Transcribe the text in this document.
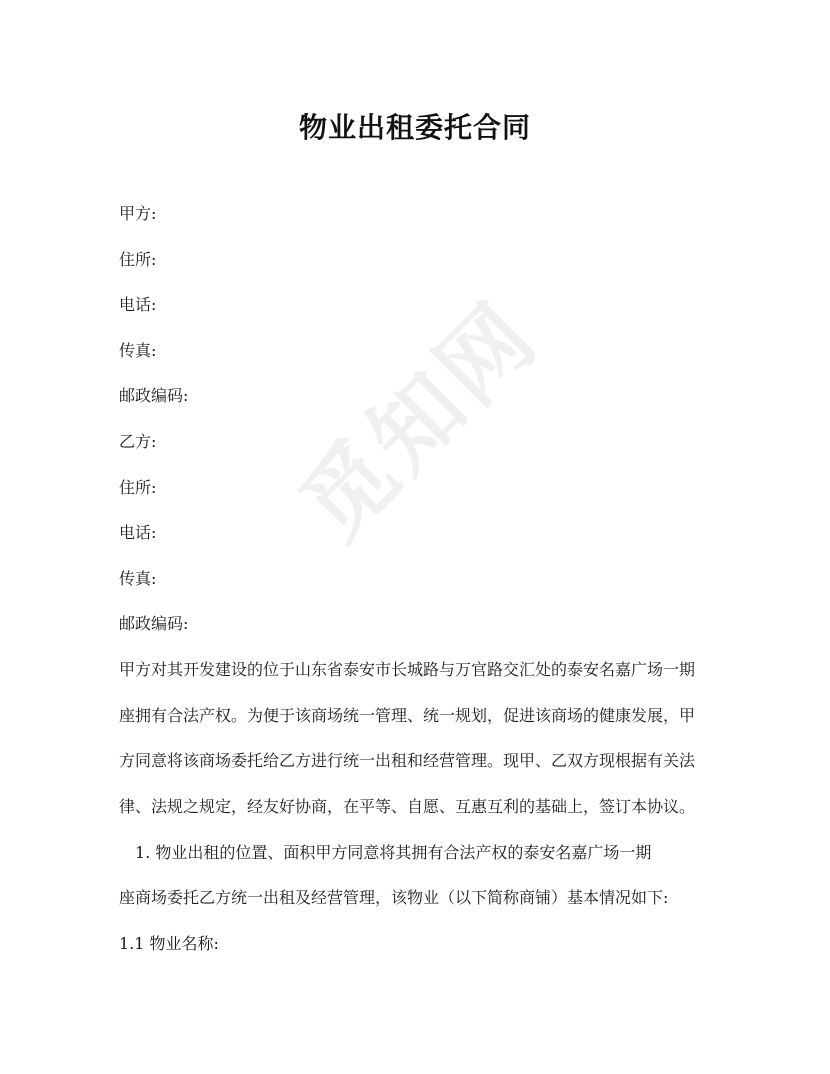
觅知网
物业出租委托合同
甲方:
住所:
电话:
传真:
邮政编码:
乙方:
住所:
电话:
传真:
邮政编码:
甲方对其开发建设的位于山东省泰安市长城路与万官路交汇处的泰安名嘉广场一期
座拥有合法产权。为便于该商场统一管理、统一规划，促进该商场的健康发展，甲
方同意将该商场委托给乙方进行统一出租和经营管理。现甲、乙双方现根据有关法
律、法规之规定，经友好协商，在平等、自愿、互惠互利的基础上，签订本协议。
1. 物业出租的位置、面积甲方同意将其拥有合法产权的泰安名嘉广场一期
座商场委托乙方统一出租及经营管理，该物业（以下简称商铺）基本情况如下:
1.1 物业名称:
